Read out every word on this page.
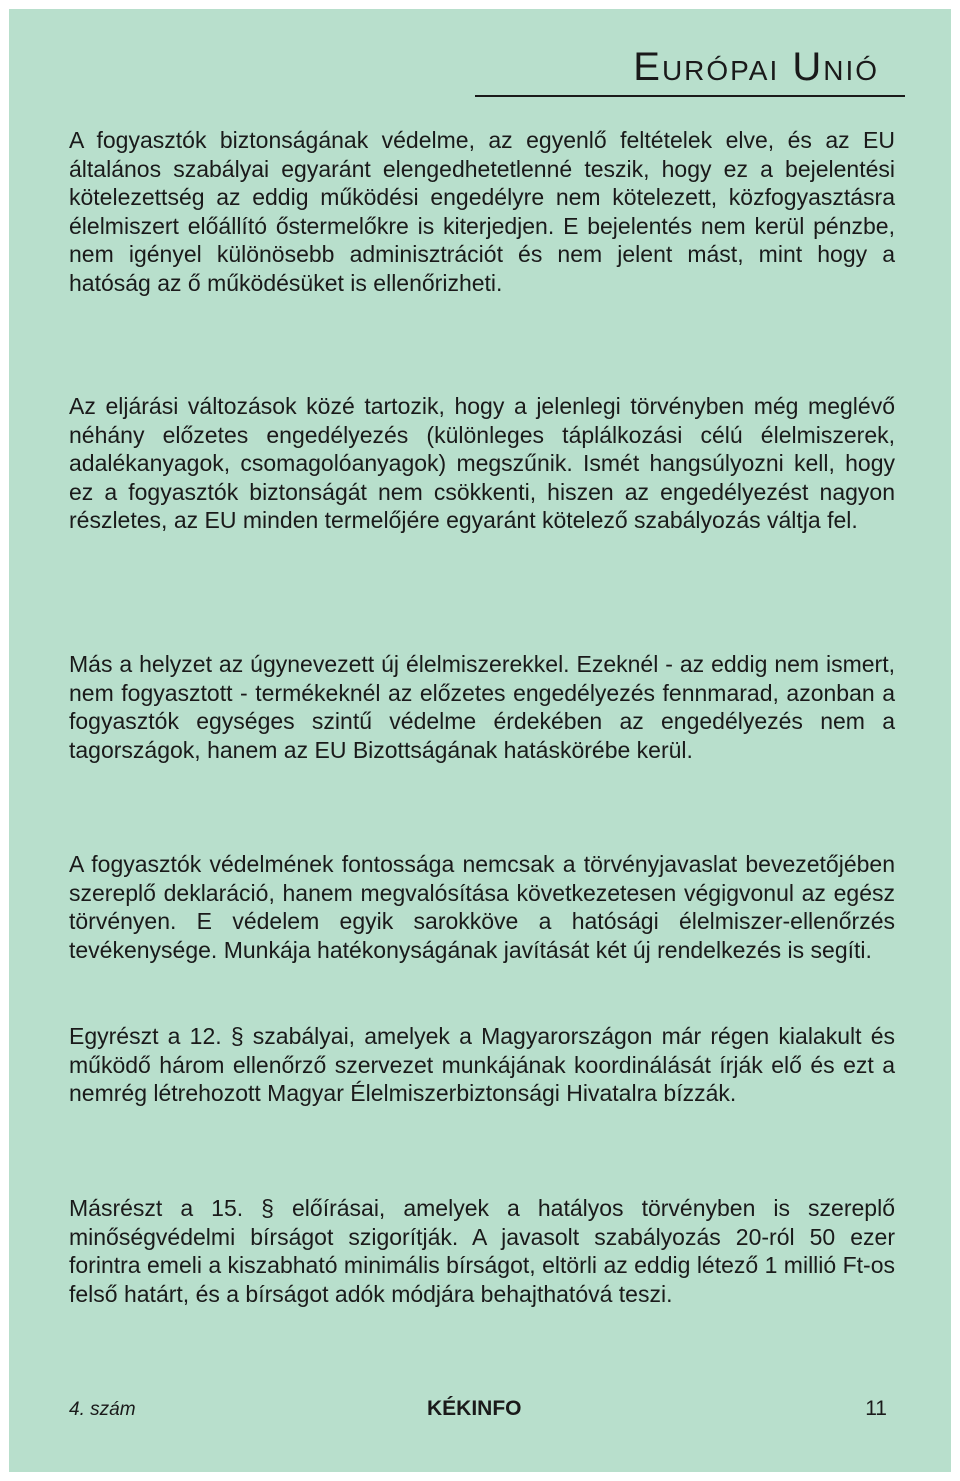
Európai Unió

A fogyasztók biztonságának védelme, az egyenlő feltételek elve, és az EU általános szabályai egyaránt elengedhetetlenné teszik, hogy ez a bejelentési kötelezettség az eddig működési engedélyre nem kötelezett, közfogyasztásra élelmiszert előállító őstermelőkre is kiterjedjen. E bejelentés nem kerül pénzbe, nem igényel különösebb adminisztrációt és nem jelent mást, mint hogy a hatóság az ő működésüket is ellenőrizheti.

Az eljárási változások közé tartozik, hogy a jelenlegi törvényben még meglévő néhány előzetes engedélyezés (különleges táplálkozási célú élelmiszerek, adalékanyagok, csomagolóanyagok) megszűnik. Ismét hangsúlyozni kell, hogy ez a fogyasztók biztonságát nem csökkenti, hiszen az engedélyezést nagyon részletes, az EU minden termelőjére egyaránt kötelező szabályozás váltja fel.

Más a helyzet az úgynevezett új élelmiszerekkel. Ezeknél - az eddig nem ismert, nem fogyasztott - termékeknél az előzetes engedélyezés fennmarad, azonban a fogyasztók egységes szintű védelme érdekében az engedélyezés nem a tagországok, hanem az EU Bizottságának hatáskörébe kerül.

A fogyasztók védelmének fontossága nemcsak a törvényjavaslat bevezetőjében szereplő deklaráció, hanem megvalósítása következetesen végigvonul az egész törvényen. E védelem egyik sarokköve a hatósági élelmiszer-ellenőrzés tevékenysége. Munkája hatékonyságának javítását két új rendelkezés is segíti.

Egyrészt a 12. § szabályai, amelyek a Magyarországon már régen kialakult és működő három ellenőrző szervezet munkájának koordinálását írják elő és ezt a nemrég létrehozott Magyar Élelmiszerbiztonsági Hivatalra bízzák.

Másrészt a 15. § előírásai, amelyek a hatályos törvényben is szereplő minőségvédelmi bírságot szigorítják. A javasolt szabályozás 20-ról 50 ezer forintra emeli a kiszabható minimális bírságot, eltörli az eddig létező 1 millió Ft-os felső határt, és a bírságot adók módjára behajthatóvá teszi.

4. szám	KÉKINFO	11
